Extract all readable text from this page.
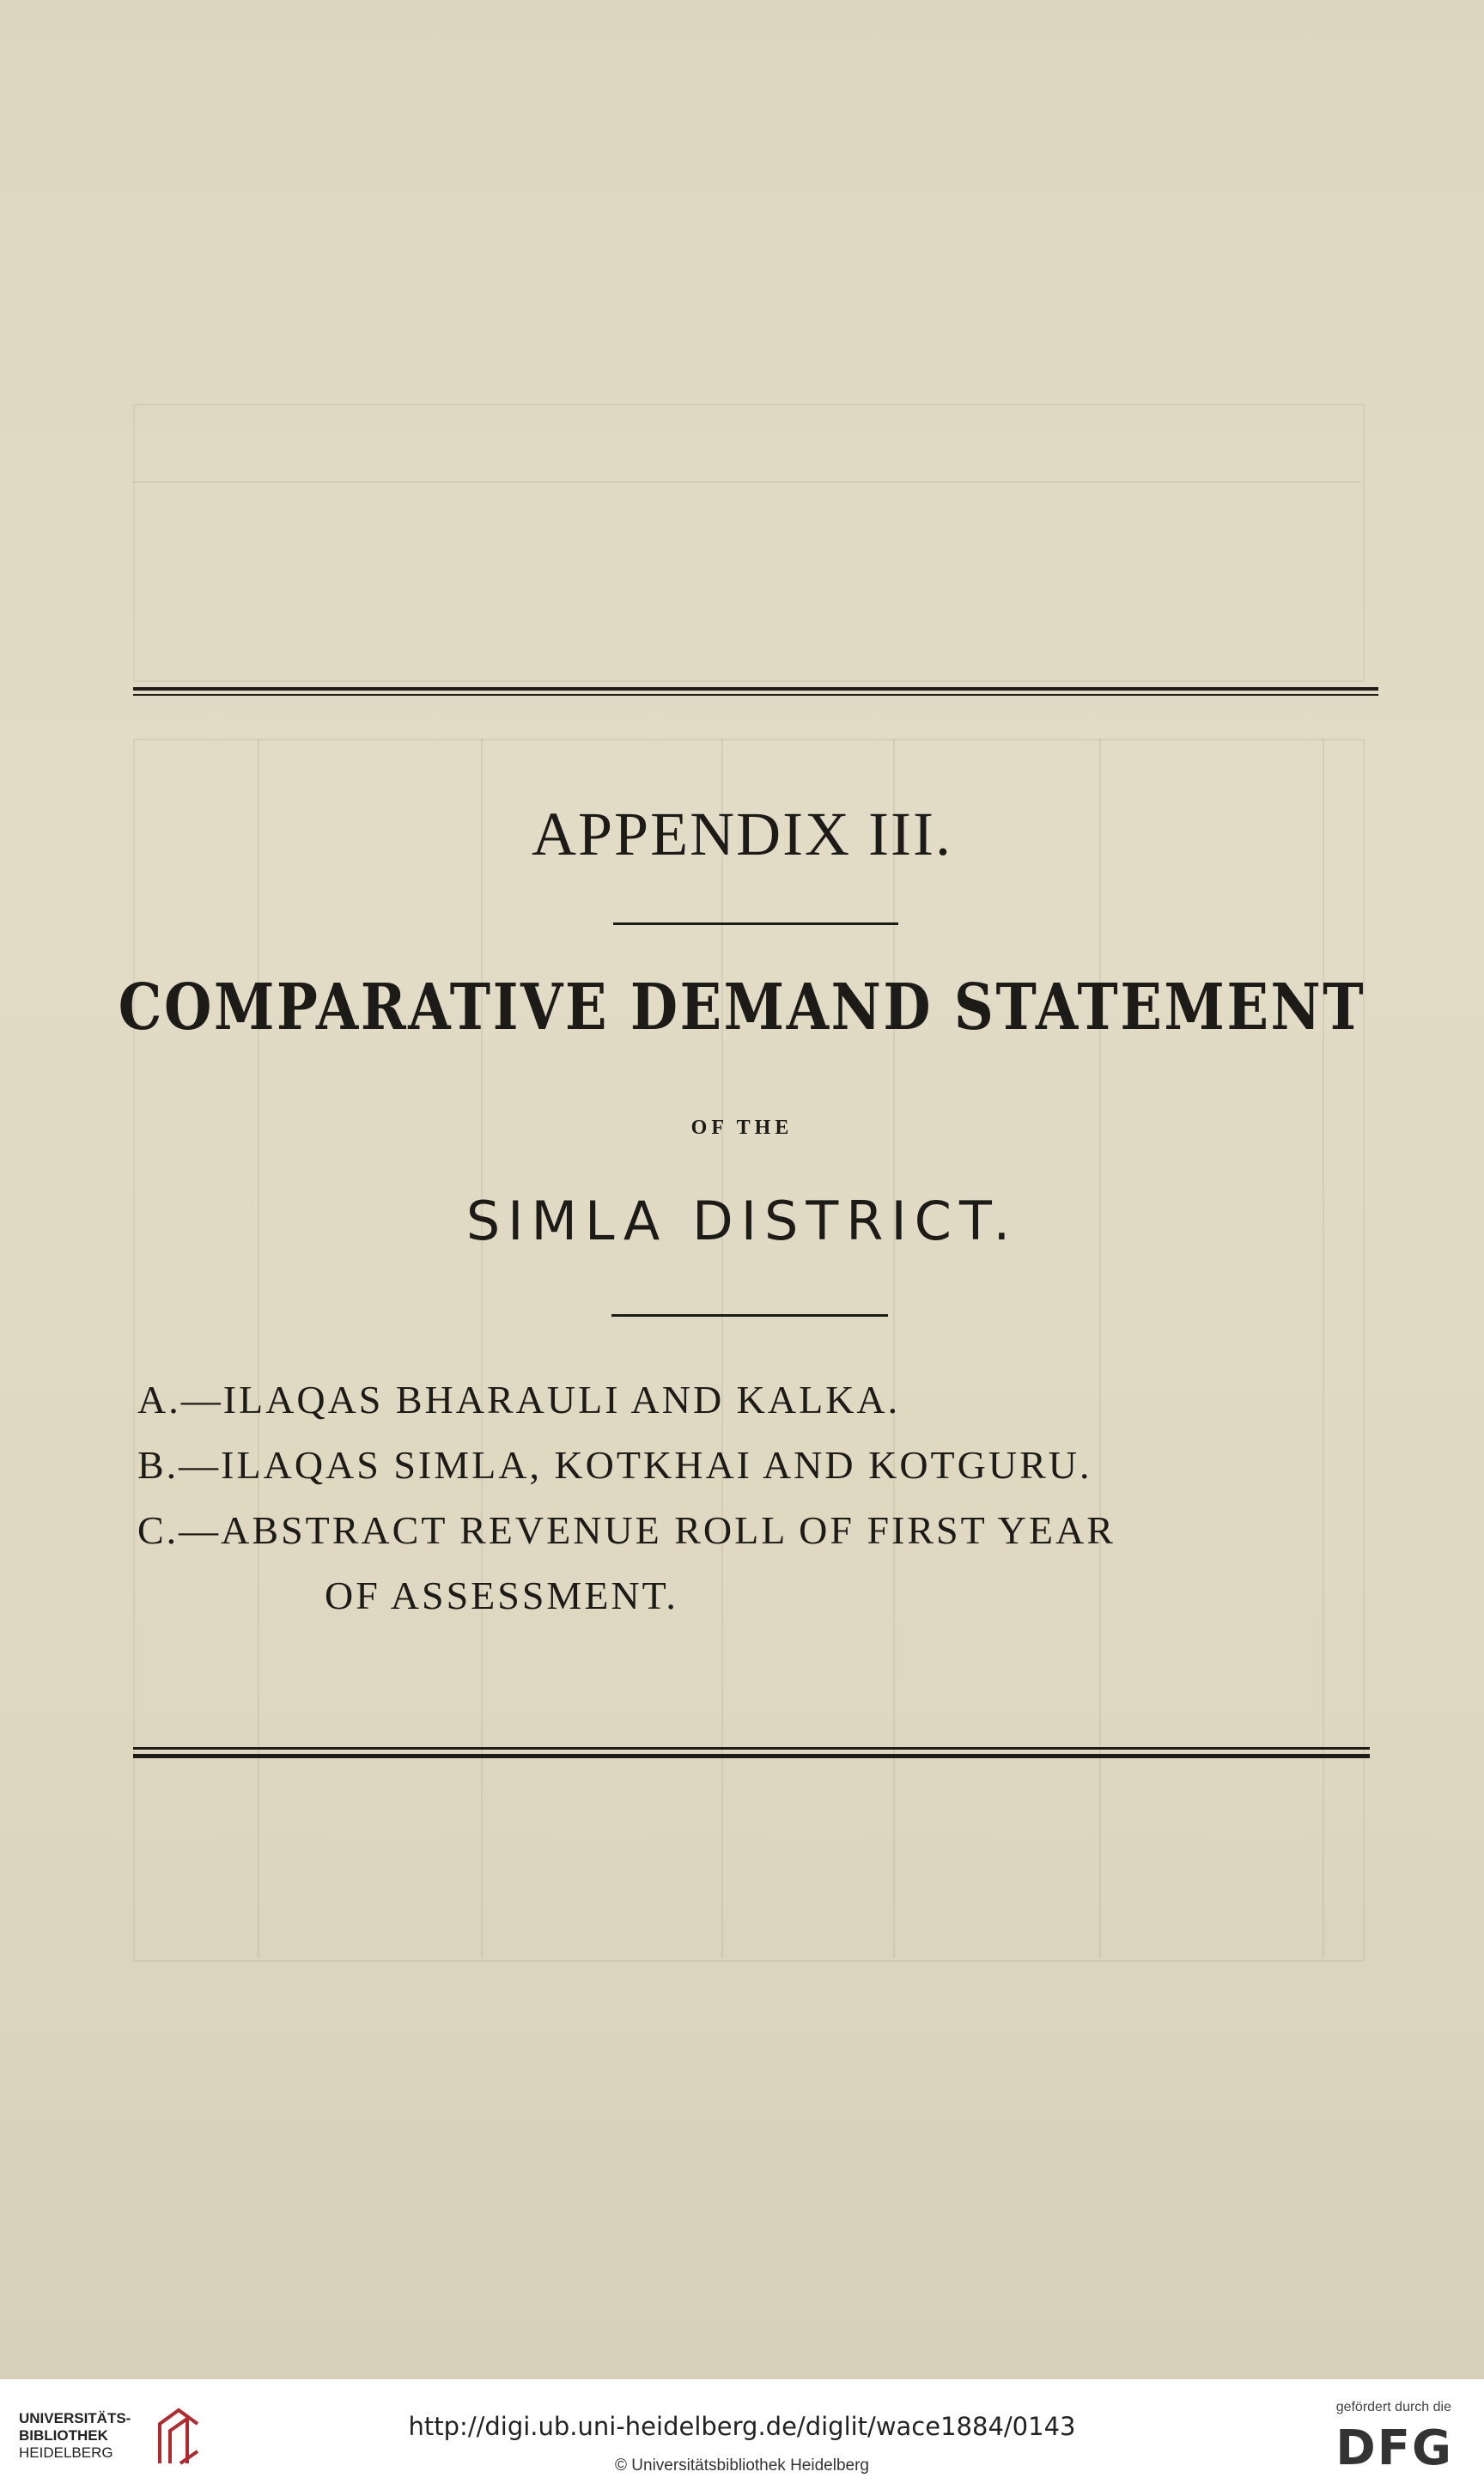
APPENDIX III.
COMPARATIVE DEMAND STATEMENT
OF THE
SIMLA DISTRICT.
A.—ILAQAS BHARAULI AND KALKA.
B.—ILAQAS SIMLA, KOTKHAI AND KOTGURU.
C.—ABSTRACT REVENUE ROLL OF FIRST YEAR
OF ASSESSMENT.
UNIVERSITÄTS-
BIBLIOTHEK
HEIDELBERG
http://digi.ub.uni-heidelberg.de/diglit/wace1884/0143
© Universitätsbibliothek Heidelberg
gefördert durch die
DFG
